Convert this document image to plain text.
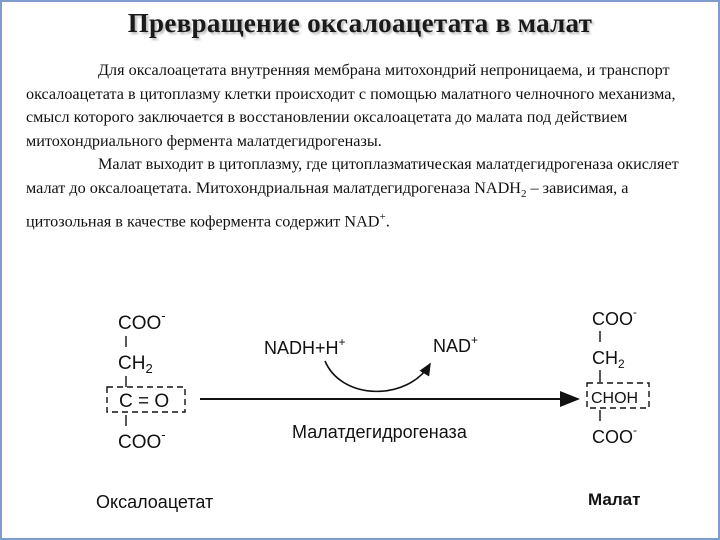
Превращение оксалоацетата в малат

Для оксалоацетата внутренняя мембрана митохондрий непроницаема, и транспорт оксалоацетата в цитоплазму клетки происходит с помощью малатного челночного механизма, смысл которого заключается в восстановлении оксалоацетата до малата под действием митохондриального фермента малатдегидрогеназы.

Малат выходит в цитоплазму, где цитоплазматическая малатдегидрогеназа окисляет малат до оксалоацетата. Митохондриальная малатдегидрогеназа $NADH_2$ – зависимая, а цитозольная в качестве кофермента содержит NAD+.

COO-
$CH_2$
C = O
COO-
Оксалоацетат
NADH+H+	NAD+
Малатдегидрогеназа
COO-
$CH_2$
CHOH
COO-
Малат
